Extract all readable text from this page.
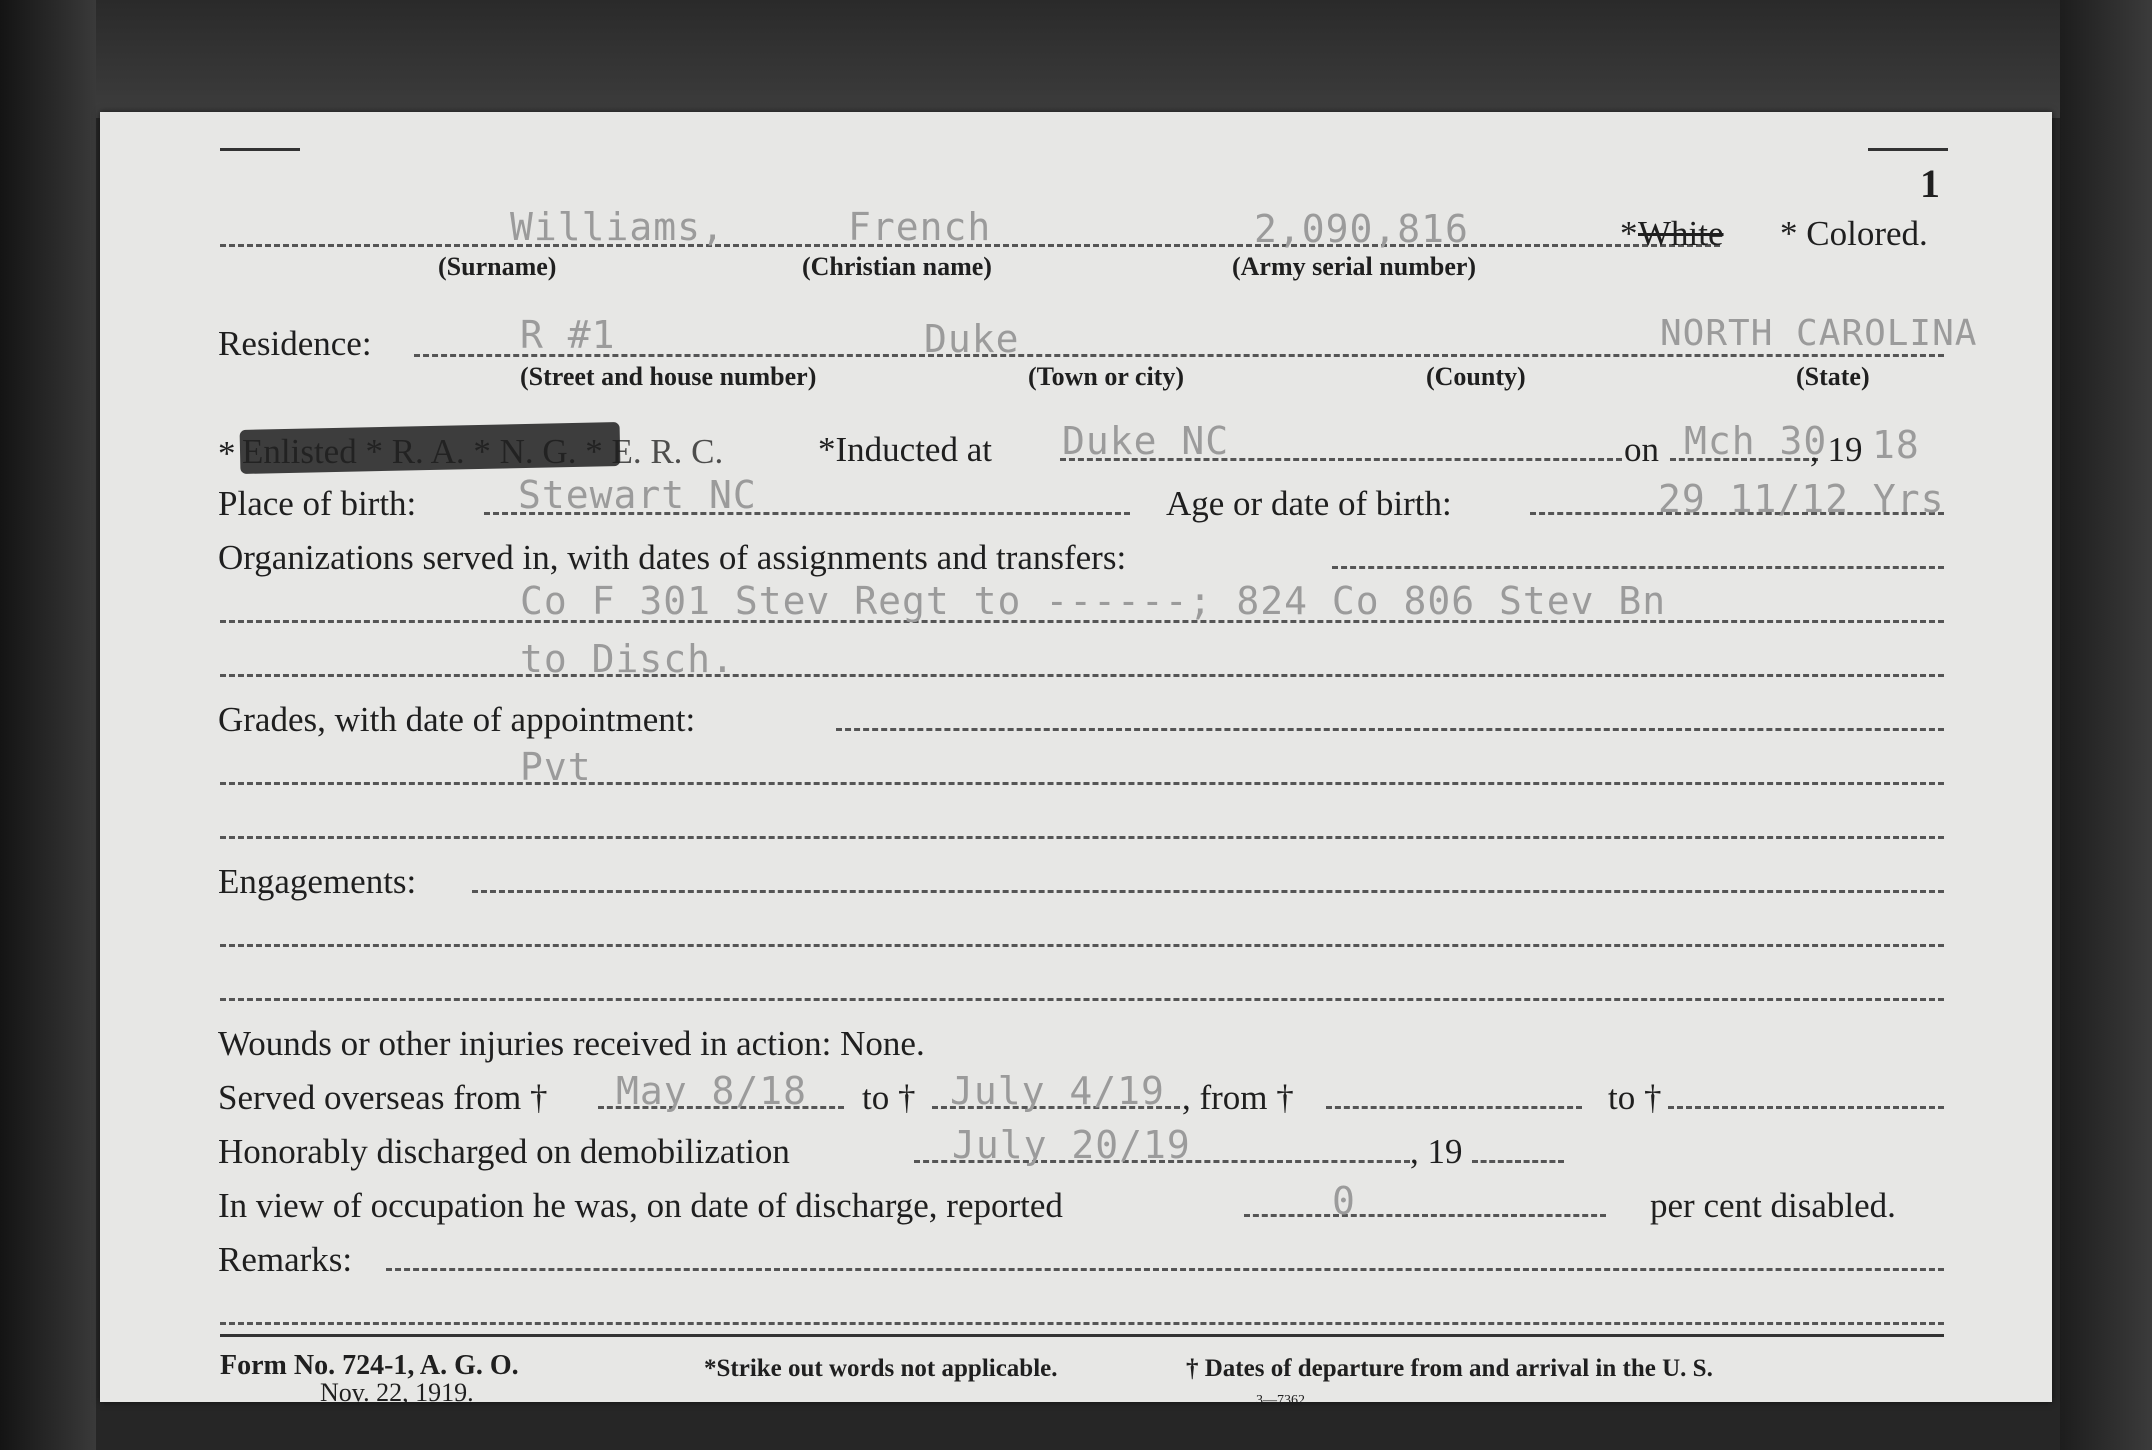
1
Williams,	French	2,090,816
(Surname)	(Christian name)	(Army serial number)
* White * Colored.
Residence:	R #1	Duke	NORTH CAROLINA
(Street and house number)	(Town or city)	(County)	(State)
* Enlisted * R. A. * N. G. * E. R. C.	*Inducted at Duke NC	on Mch 30
, 19 18
Place of birth:	Stewart NC	Age or date of birth:	29 11/12 Yrs
Organizations served in, with dates of assignments and transfers:
Co F 301 Stev Regt to ------; 824 Co 806 Stev Bn
to Disch.
Grades, with date of appointment:
Pvt
Engagements:
Wounds or other injuries received in action: None.
Served overseas from † May 8/18 to † July 4/19 , from †	to †
Honorably discharged on demobilization	July 20/19	, 19
In view of occupation he was, on date of discharge, reported	0	per cent disabled.
Remarks:
Form No. 724-1, A. G. O.
Nov. 22, 1919.
*Strike out words not applicable.	† Dates of departure from and arrival in the U. S.
3—7362
